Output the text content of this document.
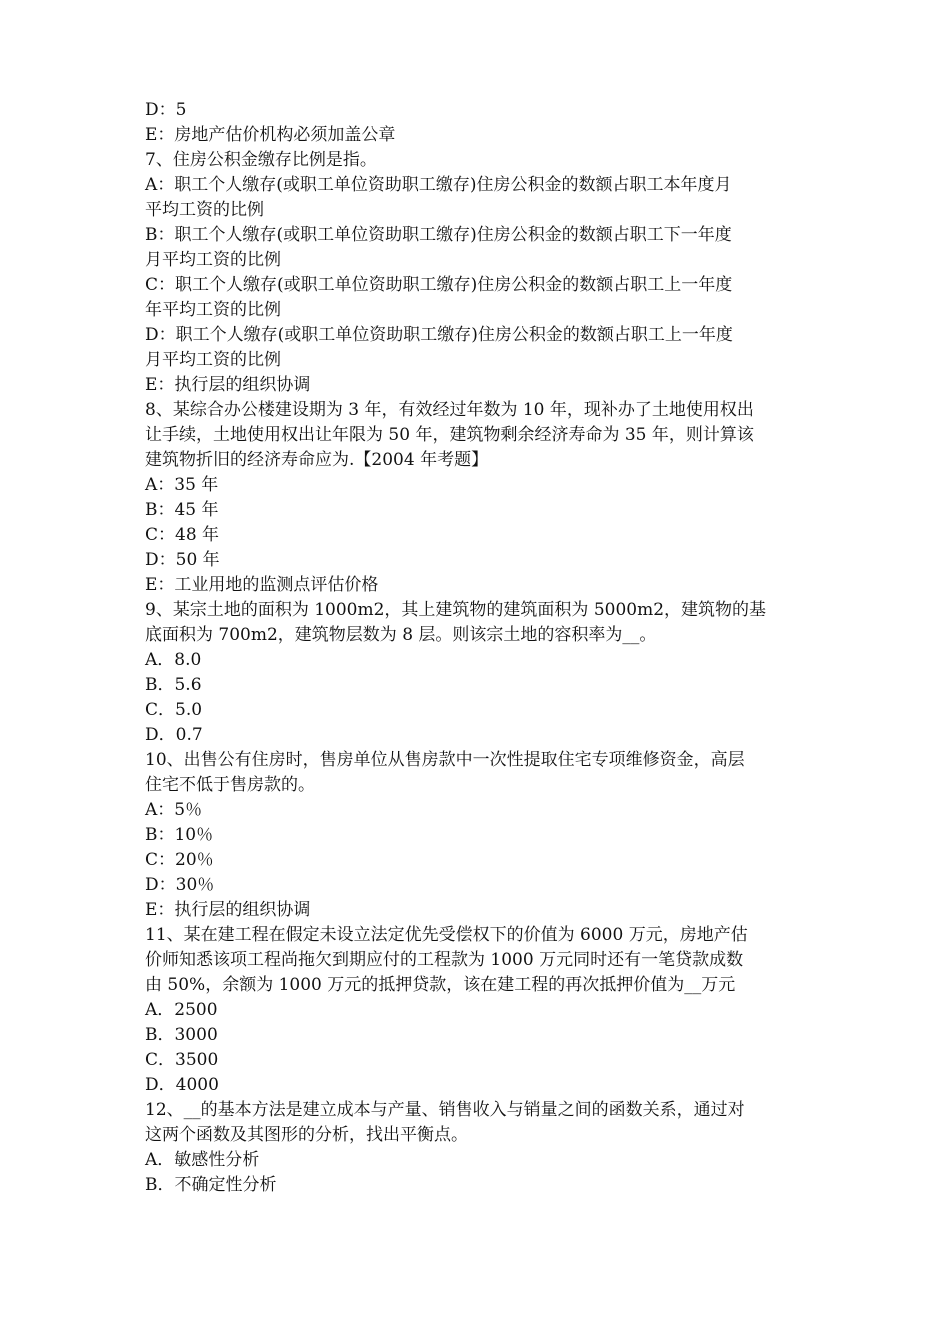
D：5
E：房地产估价机构必须加盖公章
7、住房公积金缴存比例是指。
A：职工个人缴存(或职工单位资助职工缴存)住房公积金的数额占职工本年度月
平均工资的比例
B：职工个人缴存(或职工单位资助职工缴存)住房公积金的数额占职工下一年度
月平均工资的比例
C：职工个人缴存(或职工单位资助职工缴存)住房公积金的数额占职工上一年度
年平均工资的比例
D：职工个人缴存(或职工单位资助职工缴存)住房公积金的数额占职工上一年度
月平均工资的比例
E：执行层的组织协调
8、某综合办公楼建设期为 3 年，有效经过年数为 10 年，现补办了土地使用权出
让手续，土地使用权出让年限为 50 年，建筑物剩余经济寿命为 35 年，则计算该
建筑物折旧的经济寿命应为.【2004 年考题】
A：35 年
B：45 年
C：48 年
D：50 年
E：工业用地的监测点评估价格
9、某宗土地的面积为 1000m2，其上建筑物的建筑面积为 5000m2，建筑物的基
底面积为 700m2，建筑物层数为 8 层。则该宗土地的容积率为__。
A．8.0
B．5.6
C．5.0
D．0.7
10、出售公有住房时，售房单位从售房款中一次性提取住宅专项维修资金，高层
住宅不低于售房款的。
A：5％
B：10％
C：20％
D：30％
E：执行层的组织协调
11、某在建工程在假定未设立法定优先受偿权下的价值为 6000 万元，房地产估
价师知悉该项工程尚拖欠到期应付的工程款为 1000 万元同时还有一笔贷款成数
由 50%，余额为 1000 万元的抵押贷款，该在建工程的再次抵押价值为__万元
A．2500
B．3000
C．3500
D．4000
12、__的基本方法是建立成本与产量、销售收入与销量之间的函数关系，通过对
这两个函数及其图形的分析，找出平衡点。
A．敏感性分析
B．不确定性分析
